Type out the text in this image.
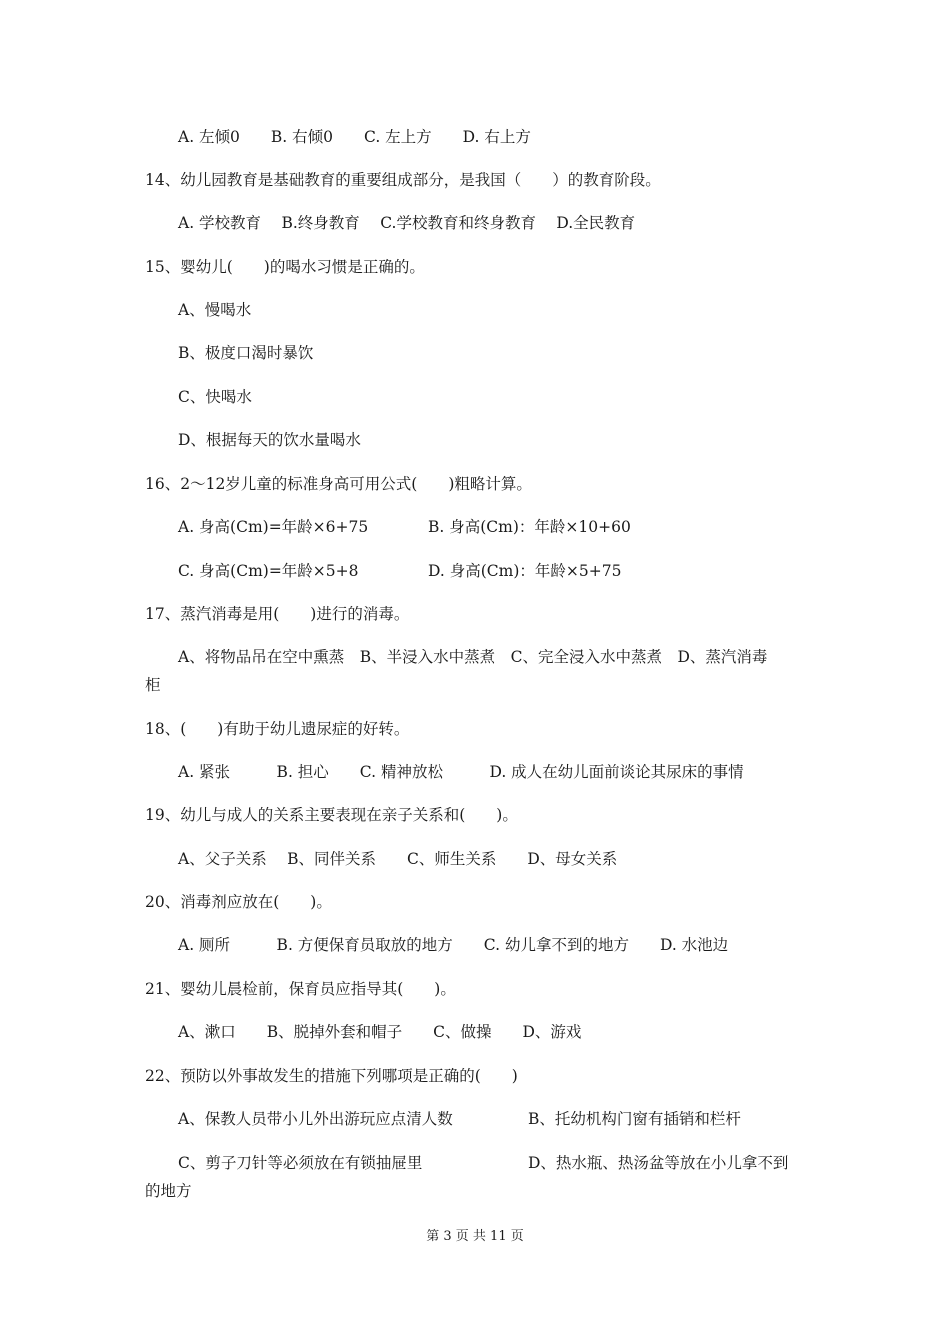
A. 左倾0　　B. 右倾0　　C. 左上方　　D. 右上方
14、幼儿园教育是基础教育的重要组成部分，是我国（　　）的教育阶段。
A. 学校教育　 B.终身教育　 C.学校教育和终身教育　 D.全民教育
15、婴幼儿(　　)的喝水习惯是正确的。
A、慢喝水
B、极度口渴时暴饮
C、快喝水
D、根据每天的饮水量喝水
16、2～12岁儿童的标准身高可用公式(　　)粗略计算。
A. 身高(Cm)=年龄×6+75	B. 身高(Cm)：年龄×10+60
C. 身高(Cm)=年龄×5+8	D. 身高(Cm)：年龄×5+75
17、蒸汽消毒是用(　　)进行的消毒。
A、将物品吊在空中熏蒸　B、半浸入水中蒸煮　C、完全浸入水中蒸煮　D、蒸汽消毒
柜
18、(　　)有助于幼儿遗尿症的好转。
A. 紧张　　　B. 担心　　C. 精神放松　　　D. 成人在幼儿面前谈论其尿床的事情
19、幼儿与成人的关系主要表现在亲子关系和(　　)。
A、父子关系　 B、同伴关系　　C、师生关系　　D、母女关系
20、消毒剂应放在(　　)。
A. 厕所　　　B. 方便保育员取放的地方　　C. 幼儿拿不到的地方　　D. 水池边
21、婴幼儿晨检前，保育员应指导其(　　)。
A、漱口　　B、脱掉外套和帽子　　C、做操　　D、游戏
22、预防以外事故发生的措施下列哪项是正确的(　　)
A、保教人员带小儿外出游玩应点清人数	B、托幼机构门窗有插销和栏杆
C、剪子刀针等必须放在有锁抽屉里	D、热水瓶、热汤盆等放在小儿拿不到
的地方
第 3 页 共 11 页
